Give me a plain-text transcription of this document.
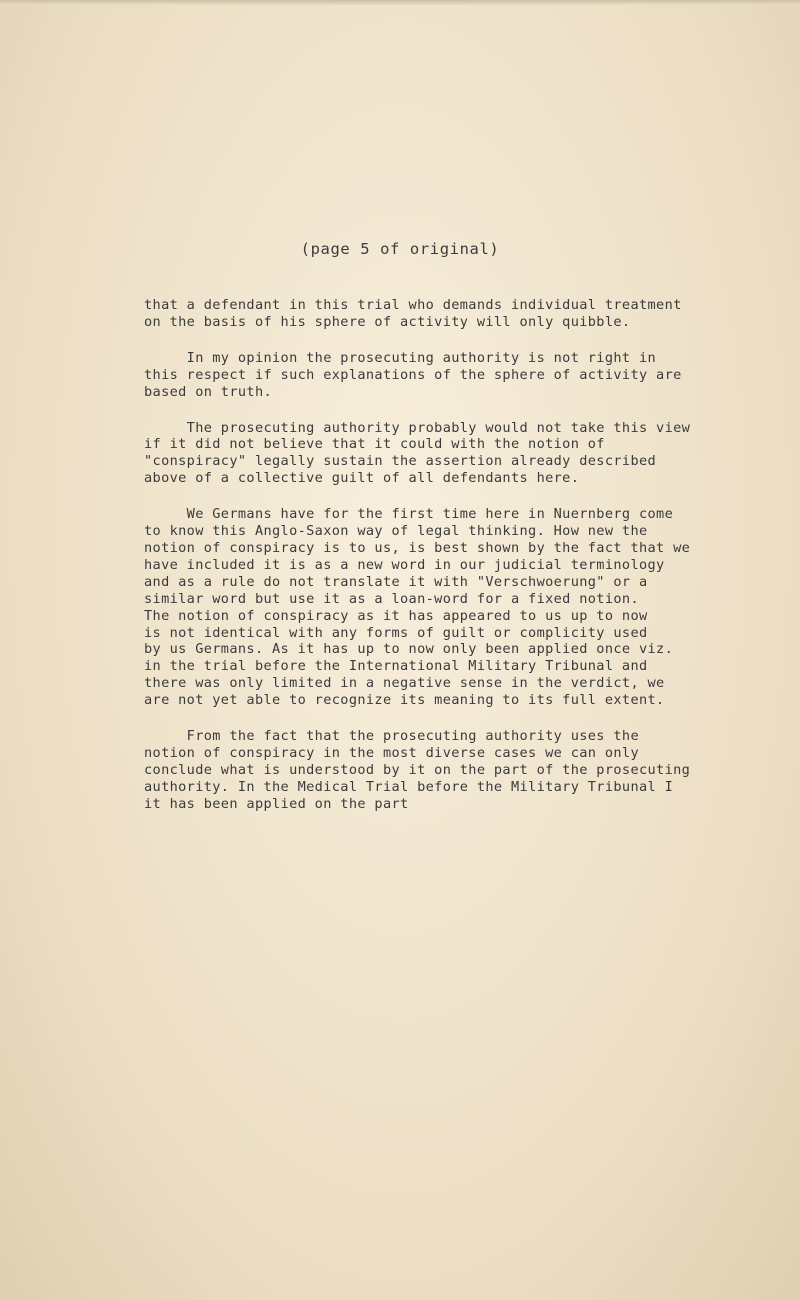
(page 5 of original)
that a defendant in this trial who demands individual treatment
on the basis of his sphere of activity will only quibble.
In my opinion the prosecuting authority is not right in
this respect if such explanations of the sphere of activity are
based on truth.
The prosecuting authority probably would not take this view
if it did not believe that it could with the notion of
"conspiracy" legally sustain the assertion already described
above of a collective guilt of all defendants here.
We Germans have for the first time here in Nuernberg come
to know this Anglo-Saxon way of legal thinking. How new the
notion of conspiracy is to us, is best shown by the fact that we
have included it is as a new word in our judicial terminology
and as a rule do not translate it with "Verschwoerung" or a
similar word but use it as a loan-word for a fixed notion.
The notion of conspiracy as it has appeared to us up to now
is not identical with any forms of guilt or complicity used
by us Germans. As it has up to now only been applied once viz.
in the trial before the International Military Tribunal and
there was only limited in a negative sense in the verdict, we
are not yet able to recognize its meaning to its full extent.
From the fact that the prosecuting authority uses the
notion of conspiracy in the most diverse cases we can only
conclude what is understood by it on the part of the prosecuting
authority. In the Medical Trial before the Military Tribunal I
it has been applied on the part
